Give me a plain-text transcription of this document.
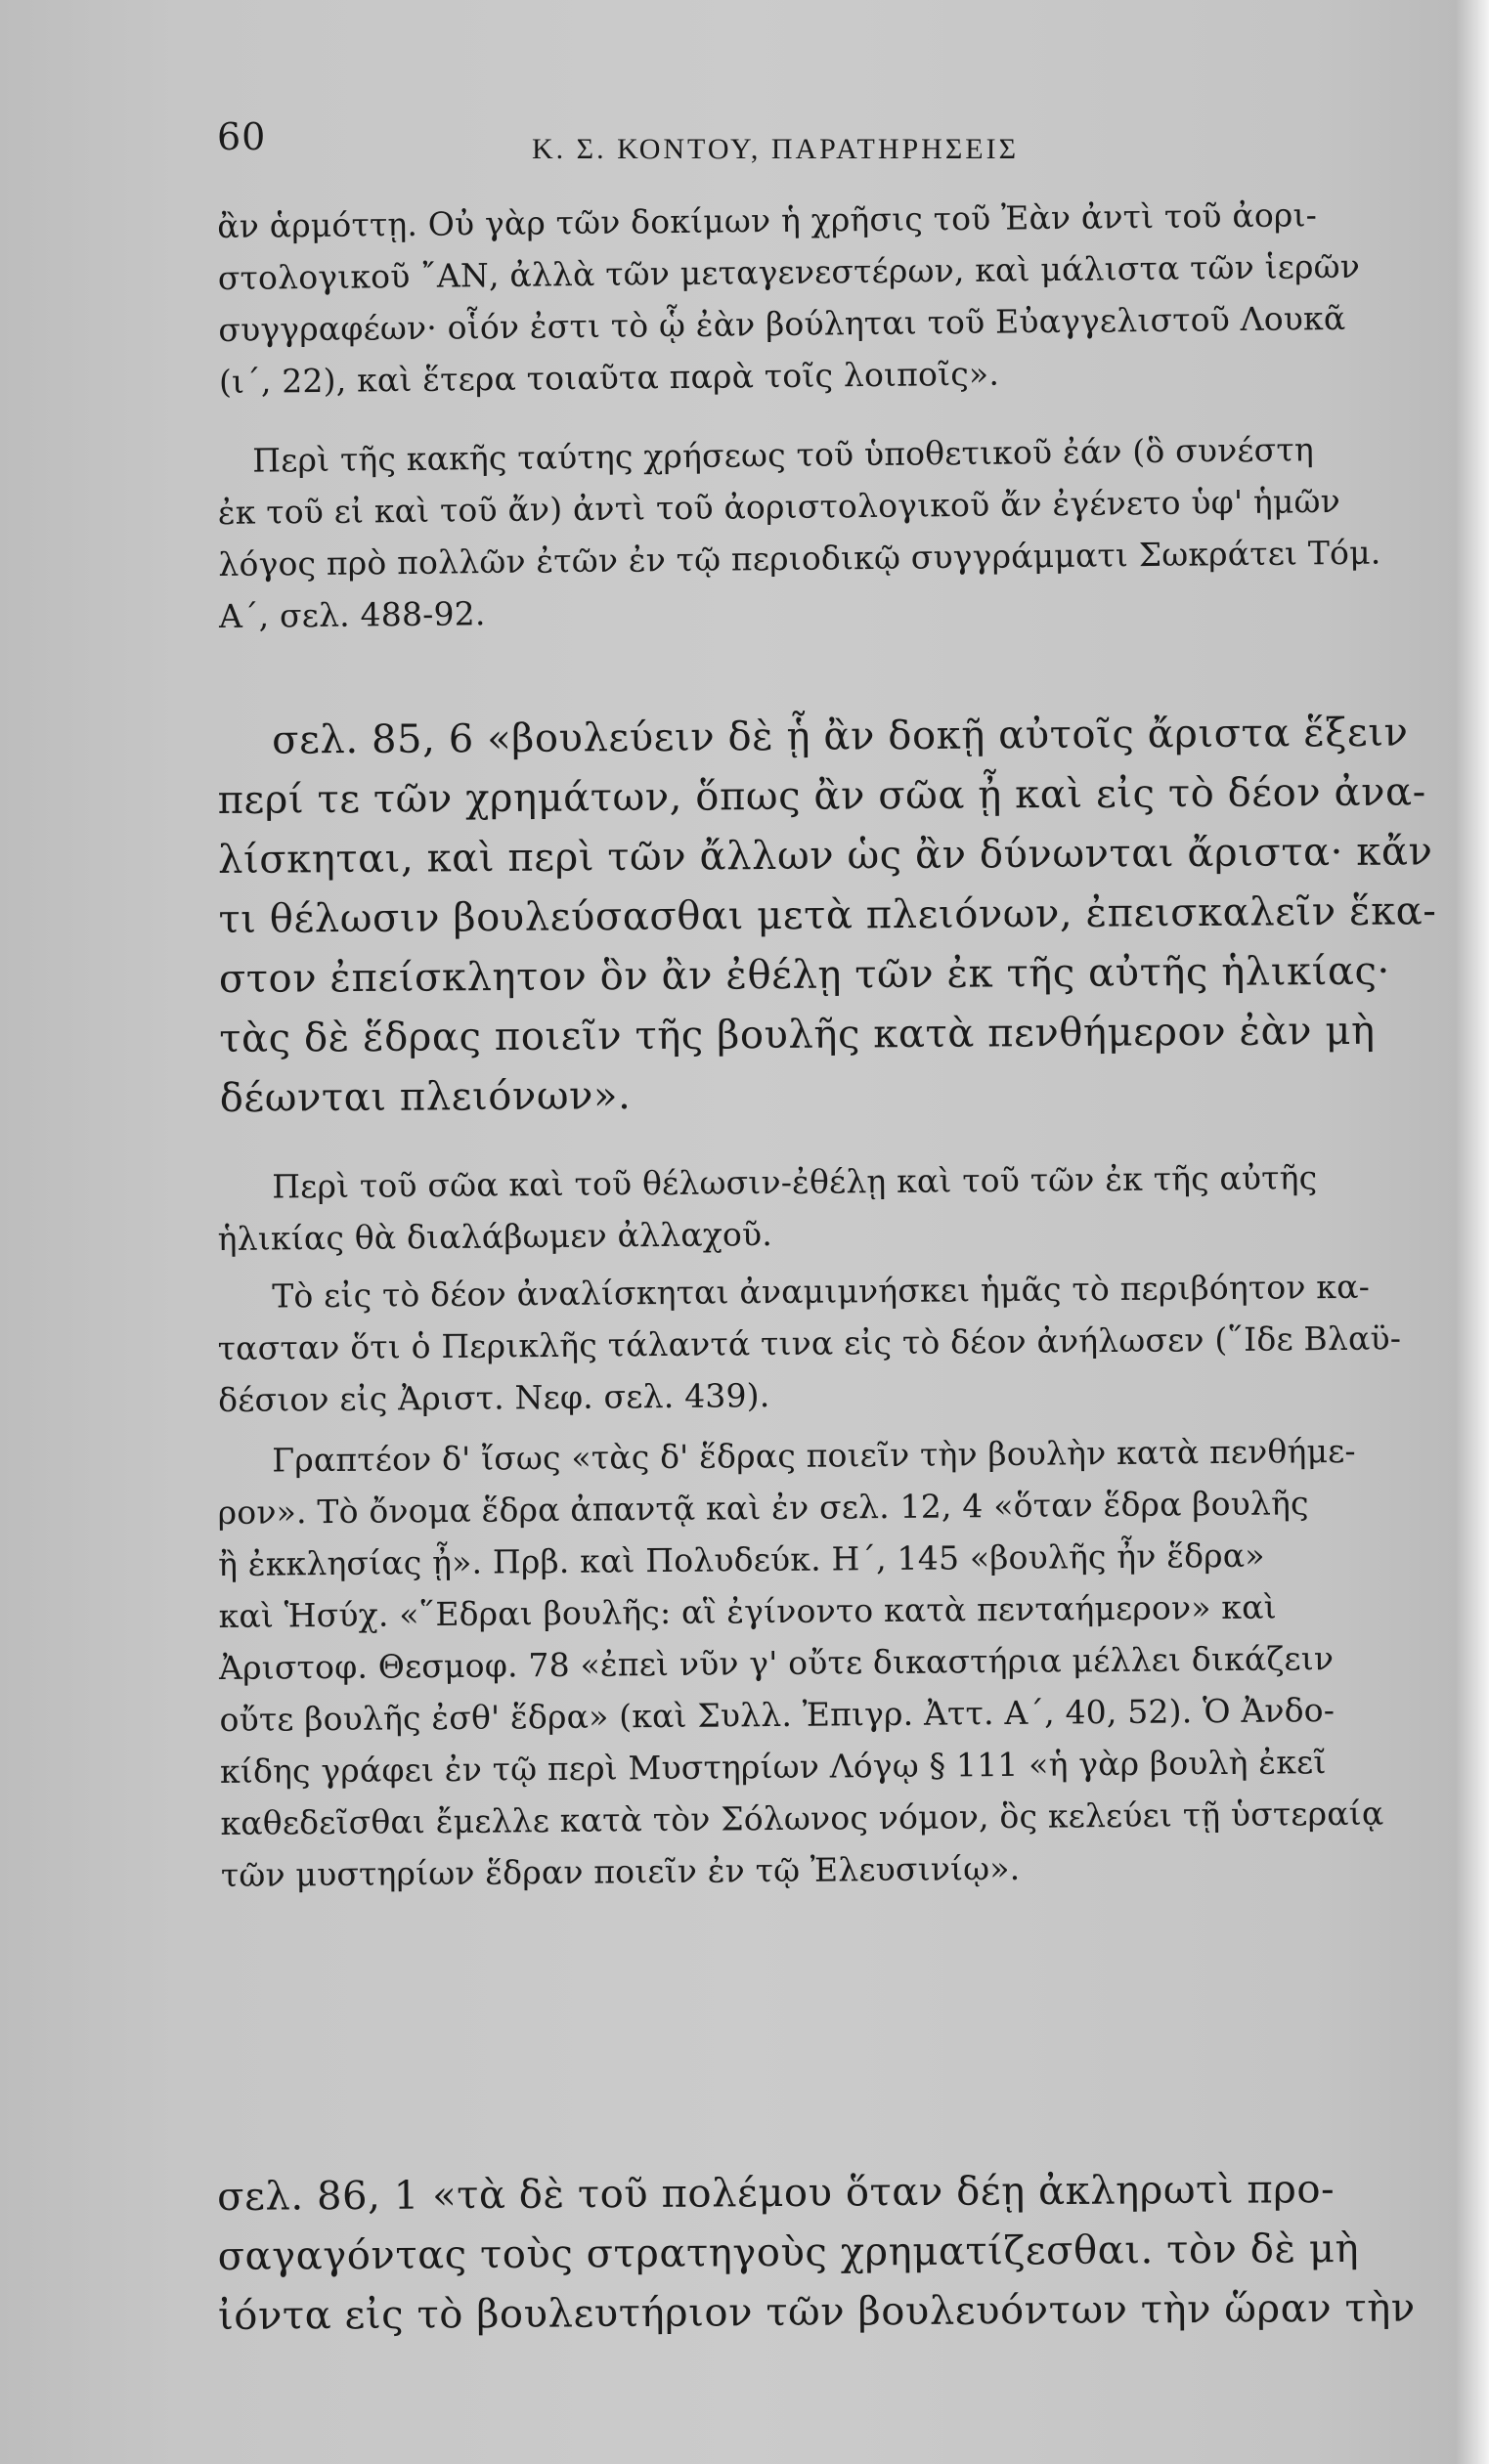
60	Κ. Σ. ΚΟΝΤΟΥ, ΠΑΡΑΤΗΡΗΣΕΙΣ
ἂν ἁρμόττῃ. Οὐ γὰρ τῶν δοκίμων ἡ χρῆσις τοῦ Ἐὰν ἀντὶ τοῦ ἀορι-
στολογικοῦ ῎ΑΝ, ἀλλὰ τῶν μεταγενεστέρων, καὶ μάλιστα τῶν ἱερῶν
συγγραφέων· οἷόν ἐστι τὸ ᾧ ἐὰν βούληται τοῦ Εὐαγγελιστοῦ Λουκᾶ
(ι΄, 22), καὶ ἕτερα τοιαῦτα παρὰ τοῖς λοιποῖς».
Περὶ τῆς κακῆς ταύτης χρήσεως τοῦ ὑποθετικοῦ ἐάν (ὃ συνέστη
ἐκ τοῦ εἰ καὶ τοῦ ἄν) ἀντὶ τοῦ ἀοριστολογικοῦ ἄν ἐγένετο ὑφ' ἡμῶν
λόγος πρὸ πολλῶν ἐτῶν ἐν τῷ περιοδικῷ συγγράμματι Σωκράτει Τόμ.
Α΄, σελ. 488-92.
σελ. 85, 6 «βουλεύειν δὲ ᾗ ἂν δοκῇ αὐτοῖς ἄριστα ἕξειν
περί τε τῶν χρημάτων, ὅπως ἂν σῶα ᾖ καὶ εἰς τὸ δέον ἀνα-
λίσκηται, καὶ περὶ τῶν ἄλλων ὡς ἂν δύνωνται ἄριστα· κἄν
τι θέλωσιν βουλεύσασθαι μετὰ πλειόνων, ἐπεισκαλεῖν ἕκα-
στον ἐπείσκλητον ὃν ἂν ἐθέλῃ τῶν ἐκ τῆς αὐτῆς ἡλικίας·
τὰς δὲ ἕδρας ποιεῖν τῆς βουλῆς κατὰ πενθήμερον ἐὰν μὴ
δέωνται πλειόνων».
Περὶ τοῦ σῶα καὶ τοῦ θέλωσιν-ἐθέλῃ καὶ τοῦ τῶν ἐκ τῆς αὐτῆς
ἡλικίας θὰ διαλάβωμεν ἀλλαχοῦ.
Τὸ εἰς τὸ δέον ἀναλίσκηται ἀναμιμνήσκει ἡμᾶς τὸ περιβόητον κα-
τασταν ὅτι ὁ Περικλῆς τάλαντά τινα εἰς τὸ δέον ἀνήλωσεν (῞Ιδε Βλαϋ-
δέσιον εἰς Ἀριστ. Νεφ. σελ. 439).
Γραπτέον δ' ἴσως «τὰς δ' ἕδρας ποιεῖν τὴν βουλὴν κατὰ πενθήμε-
ρον». Τὸ ὄνομα ἕδρα ἀπαντᾷ καὶ ἐν σελ. 12, 4 «ὅταν ἕδρα βουλῆς
ἢ ἐκκλησίας ᾖ». Πρβ. καὶ Πολυδεύκ. Η΄, 145 «βουλῆς ἦν ἕδρα»
καὶ Ἡσύχ. «῞Εδραι βουλῆς: αἳ ἐγίνοντο κατὰ πενταήμερον» καὶ
Ἀριστοφ. Θεσμοφ. 78 «ἐπεὶ νῦν γ' οὔτε δικαστήρια μέλλει δικάζειν
οὔτε βουλῆς ἐσθ' ἕδρα» (καὶ Συλλ. Ἐπιγρ. Ἀττ. Α΄, 40, 52). Ὁ Ἀνδο-
κίδης γράφει ἐν τῷ περὶ Μυστηρίων Λόγῳ § 111 «ἡ γὰρ βουλὴ ἐκεῖ
καθεδεῖσθαι ἔμελλε κατὰ τὸν Σόλωνος νόμον, ὃς κελεύει τῇ ὑστεραίᾳ
τῶν μυστηρίων ἕδραν ποιεῖν ἐν τῷ Ἐλευσινίῳ».
σελ. 86, 1 «τὰ δὲ τοῦ πολέμου ὅταν δέῃ ἀκληρωτὶ προ-
σαγαγόντας τοὺς στρατηγοὺς χρηματίζεσθαι. τὸν δὲ μὴ
ἰόντα εἰς τὸ βουλευτήριον τῶν βουλευόντων τὴν ὥραν τὴν
